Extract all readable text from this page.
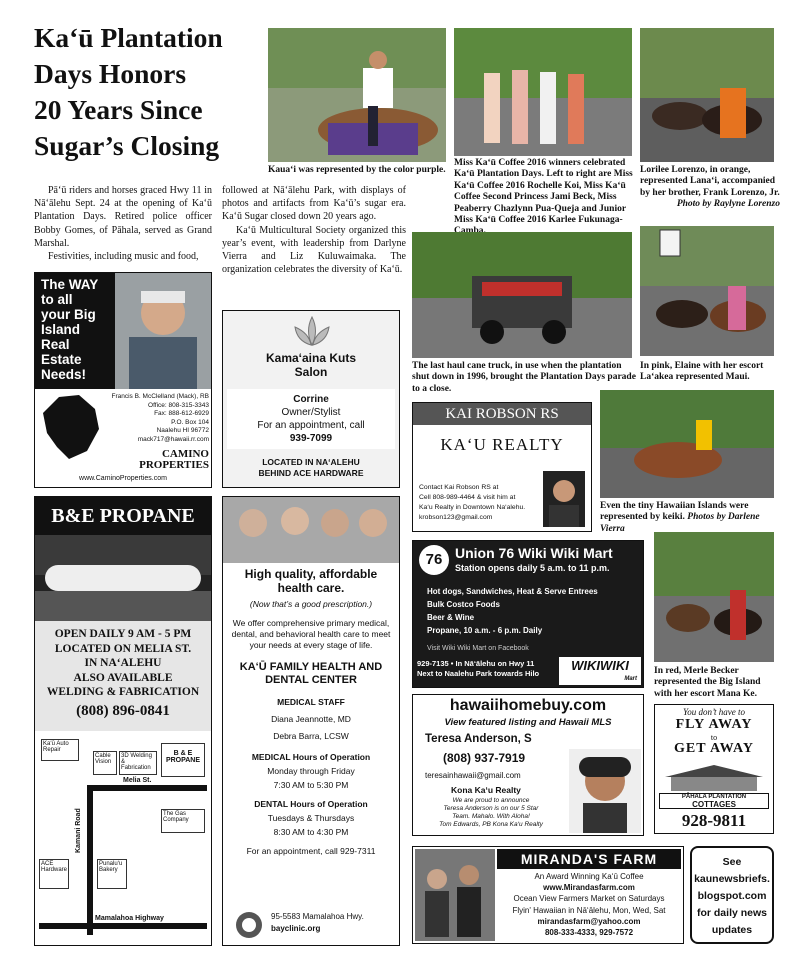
Ka‘ū Plantation
Days Honors
20 Years Since
Sugar’s Closing

Pā‘ū riders and horses graced Hwy 11 in Nā‘ālehu Sept. 24 at the opening of Ka‘ū Plantation Days. Retired police officer Bobby Gomes, of Pāhala, served as Grand Marshal.

Festivities, including music and food,

followed at Nā‘ālehu Park, with displays of photos and artifacts from Ka‘ū’s sugar era. Ka‘ū Sugar closed down 20 years ago.

Ka‘ū Multicultural Society organized this year’s event, with leadership from Darlyne Vierra and Liz Kuluwaimaka. The organization celebrates the diversity of Ka‘ū.

Kaua‘i was represented by the color purple.
Miss Ka‘ū Coffee 2016 winners celebrated Ka‘ū Plantation Days. Left to right are Miss Ka‘ū Coffee 2016 Rochelle Koi, Miss Ka‘ū Coffee Second Princess Jami Beck, Miss Peaberry Chazlynn Pua-Queja and Junior Miss Ka‘ū Coffee 2016 Karlee Fukunaga-
Lorilee Lorenzo, in orange, represented Lana‘i, accompanied by her brother, Frank Lorenzo, Jr.
Photo by Raylyne Lorenzo
The last haul cane truck, in use when the plantation shut down in 1996, brought the Plantation Days parade to a close.
In pink, Elaine with her escort La‘akea represented Maui.
Even the tiny Hawaiian Islands were represented by keiki. Photos by Darlene Vierra
In red, Merle Becker represented the Big Island with her escort Mana Ke.
The WAY
to all
your Big
Island
Real
Estate
Needs!
Francis B. McClelland (Mack), RB
Office: 808-315-3343
Fax: 888-612-6929
P.O. Box 104
Naalehu HI 96772
mack717@hawaii.rr.com
CAMINO
PROPERTIES
www.CaminoProperties.com
Kama‘aina Kuts
Salon
Corrine
Owner/Stylist
For an appointment, call
939-7099
LOCATED IN NA‘ALEHU
BEHIND ACE HARDWARE
B&E PROPANE
OPEN DAILY 9 AM - 5 PM
LOCATED ON MELIA ST.
IN NA‘ALEHU
ALSO AVAILABLE
WELDING & FABRICATION
(808) 896-0841
Ka‘ū Auto Repair
Cable Vision
3D Welding & Fabrication
B & E PROPANE
Melia St.
Kamani Road	The Gas Company
ACE Hardware
Punalu‘u Bakery
Mamalahoa Highway
High quality, affordable
health care.
(Now that’s a good prescription.)
We offer comprehensive primary medical, dental, and behavioral health care to meet your needs at every stage of life.
KA‘Ū FAMILY HEALTH AND
DENTAL CENTER
MEDICAL STAFF
Diana Jeannotte, MD
Debra Barra, LCSW
MEDICAL Hours of Operation
Monday through Friday
7:30 AM to 5:30 PM
DENTAL Hours of Operation
Tuesdays & Thursdays
8:30 AM to 4:30 PM
For an appointment, call 929-7311
95-5583 Mamalahoa Hwy.
bayclinic.org
KAI ROBSON RS
KA‘U REALTY
Contact Kai Robson RS at
Cell 808-989-4464 & visit him at
Ka‘u Realty in Downtown Na‘alehu.
krobson123@gmail.com
76 Union 76 Wiki Wiki Mart
Station opens daily 5 a.m. to 11 p.m.
Hot dogs, Sandwiches, Heat & Serve Entrees
Bulk Costco Foods
Beer & Wine
Propane, 10 a.m. - 6 p.m. Daily
Visit Wiki Wiki Mart on Facebook
929-7135 • In Nā‘ālehu on Hwy 11
Next to Naalehu Park towards Hilo
WIKIWIKI
Mart
hawaiihomebuy.com
View featured listing and Hawaii MLS
Teresa Anderson, S
(808) 937-7919
teresainhawaii@gmail.com
Kona Ka‘u Realty
We are proud to announce
Teresa Anderson is on our 5 Star
Team. Mahalo. With Aloha!
Tom Edwards, PB Kona Ka‘u Realty
You don’t have to
FLY AWAY
to
GET AWAY
PĀHALA PLANTATION
COTTAGES
928-9811
MIRANDA'S FARM
An Award Winning Ka‘ū Coffee
www.Mirandasfarm.com
Ocean View Farmers Market on Saturdays
Flyin' Hawaiian in Nā‘ālehu, Mon, Wed, Sat
mirandasfarm@yahoo.com
808-333-4333, 929-7572
See
kaunewsbriefs.
blogspot.com
for daily news
updates
